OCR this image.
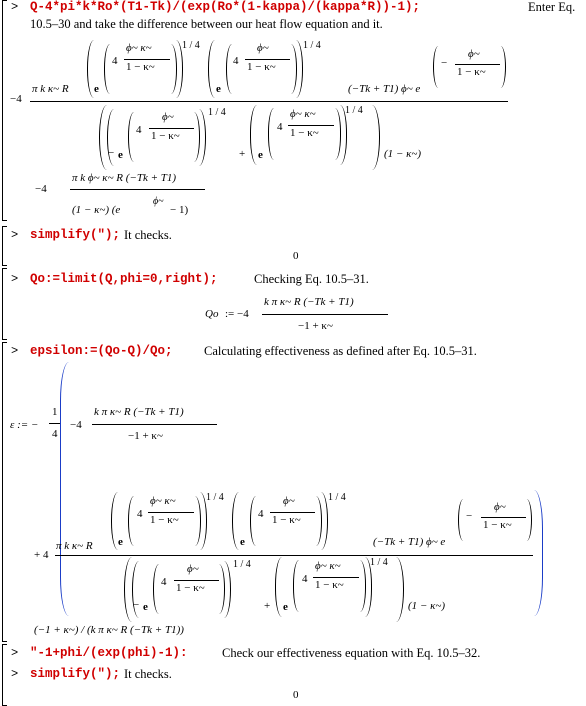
> Q-4*pi*k*Ro*(T1-Tk)/(exp(Ro*(1-kappa)/(kappa*R))-1);	Enter Eq.
10.5–30 and take the difference between our heat flow equation and it.
−4
π k κ~ R e
4
ϕ~ κ~
1 − κ~
1 / 4
e
4
ϕ~
1 − κ~
1 / 4
(−Tk + T1) ϕ~ e
−
ϕ~
1 − κ~
− e
4
ϕ~
1 − κ~
1 / 4
+ e
4
ϕ~ κ~
1 − κ~
1 / 4
(1 − κ~)
−4
π k ϕ~ κ~ R (−Tk + T1)
(1 − κ~) (e
ϕ~
− 1)
> simplify("); It checks.
0
> Qo:=limit(Q,phi=0,right);	Checking Eq. 10.5–31.
Qo := −4
k π κ~ R (−Tk + T1)
−1 + κ~
> epsilon:=(Qo-Q)/Qo;	Calculating effectiveness as defined after Eq. 10.5–31.
ε := −
1
4
−4
k π κ~ R (−Tk + T1)
−1 + κ~
+ 4
π k κ~ R e
4
ϕ~ κ~
1 − κ~
1 / 4
e
4
ϕ~
1 − κ~
1 / 4
(−Tk + T1) ϕ~ e
−
ϕ~
1 − κ~
− e
4
ϕ~
1 − κ~
1 / 4
+ e
4
ϕ~ κ~
1 − κ~
1 / 4
(1 − κ~)
(−1 + κ~) / (k π κ~ R (−Tk + T1))
> "-1+phi/(exp(phi)-1):	Check our effectiveness equation with Eq. 10.5–32.
> simplify("); It checks.
0
